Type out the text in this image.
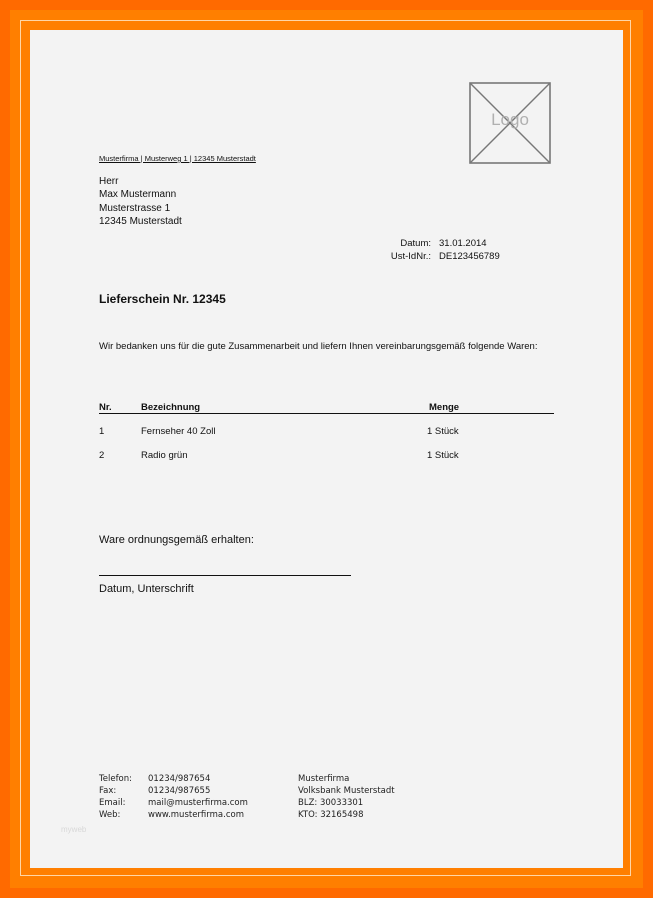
Logo
Musterfirma | Musterweg 1 | 12345 Musterstadt
Herr
Max Mustermann
Musterstrasse 1
12345 Musterstadt
Datum: 31.01.2014
Ust-IdNr.: DE123456789
Lieferschein Nr. 12345
Wir bedanken uns für die gute Zusammenarbeit und liefern Ihnen vereinbarungsgemäß folgende Waren:
Nr.	Bezeichnung	Menge
1	Fernseher 40 Zoll	1 Stück
2	Radio grün	1 Stück
Ware ordnungsgemäß erhalten:
Datum, Unterschrift
Telefon: 01234/987654
Fax:	01234/987655
Email:	mail@musterfirma.com
Web:	www.musterfirma.com
Musterfirma
Volksbank Musterstadt
BLZ: 30033301
KTO: 32165498
myweb
